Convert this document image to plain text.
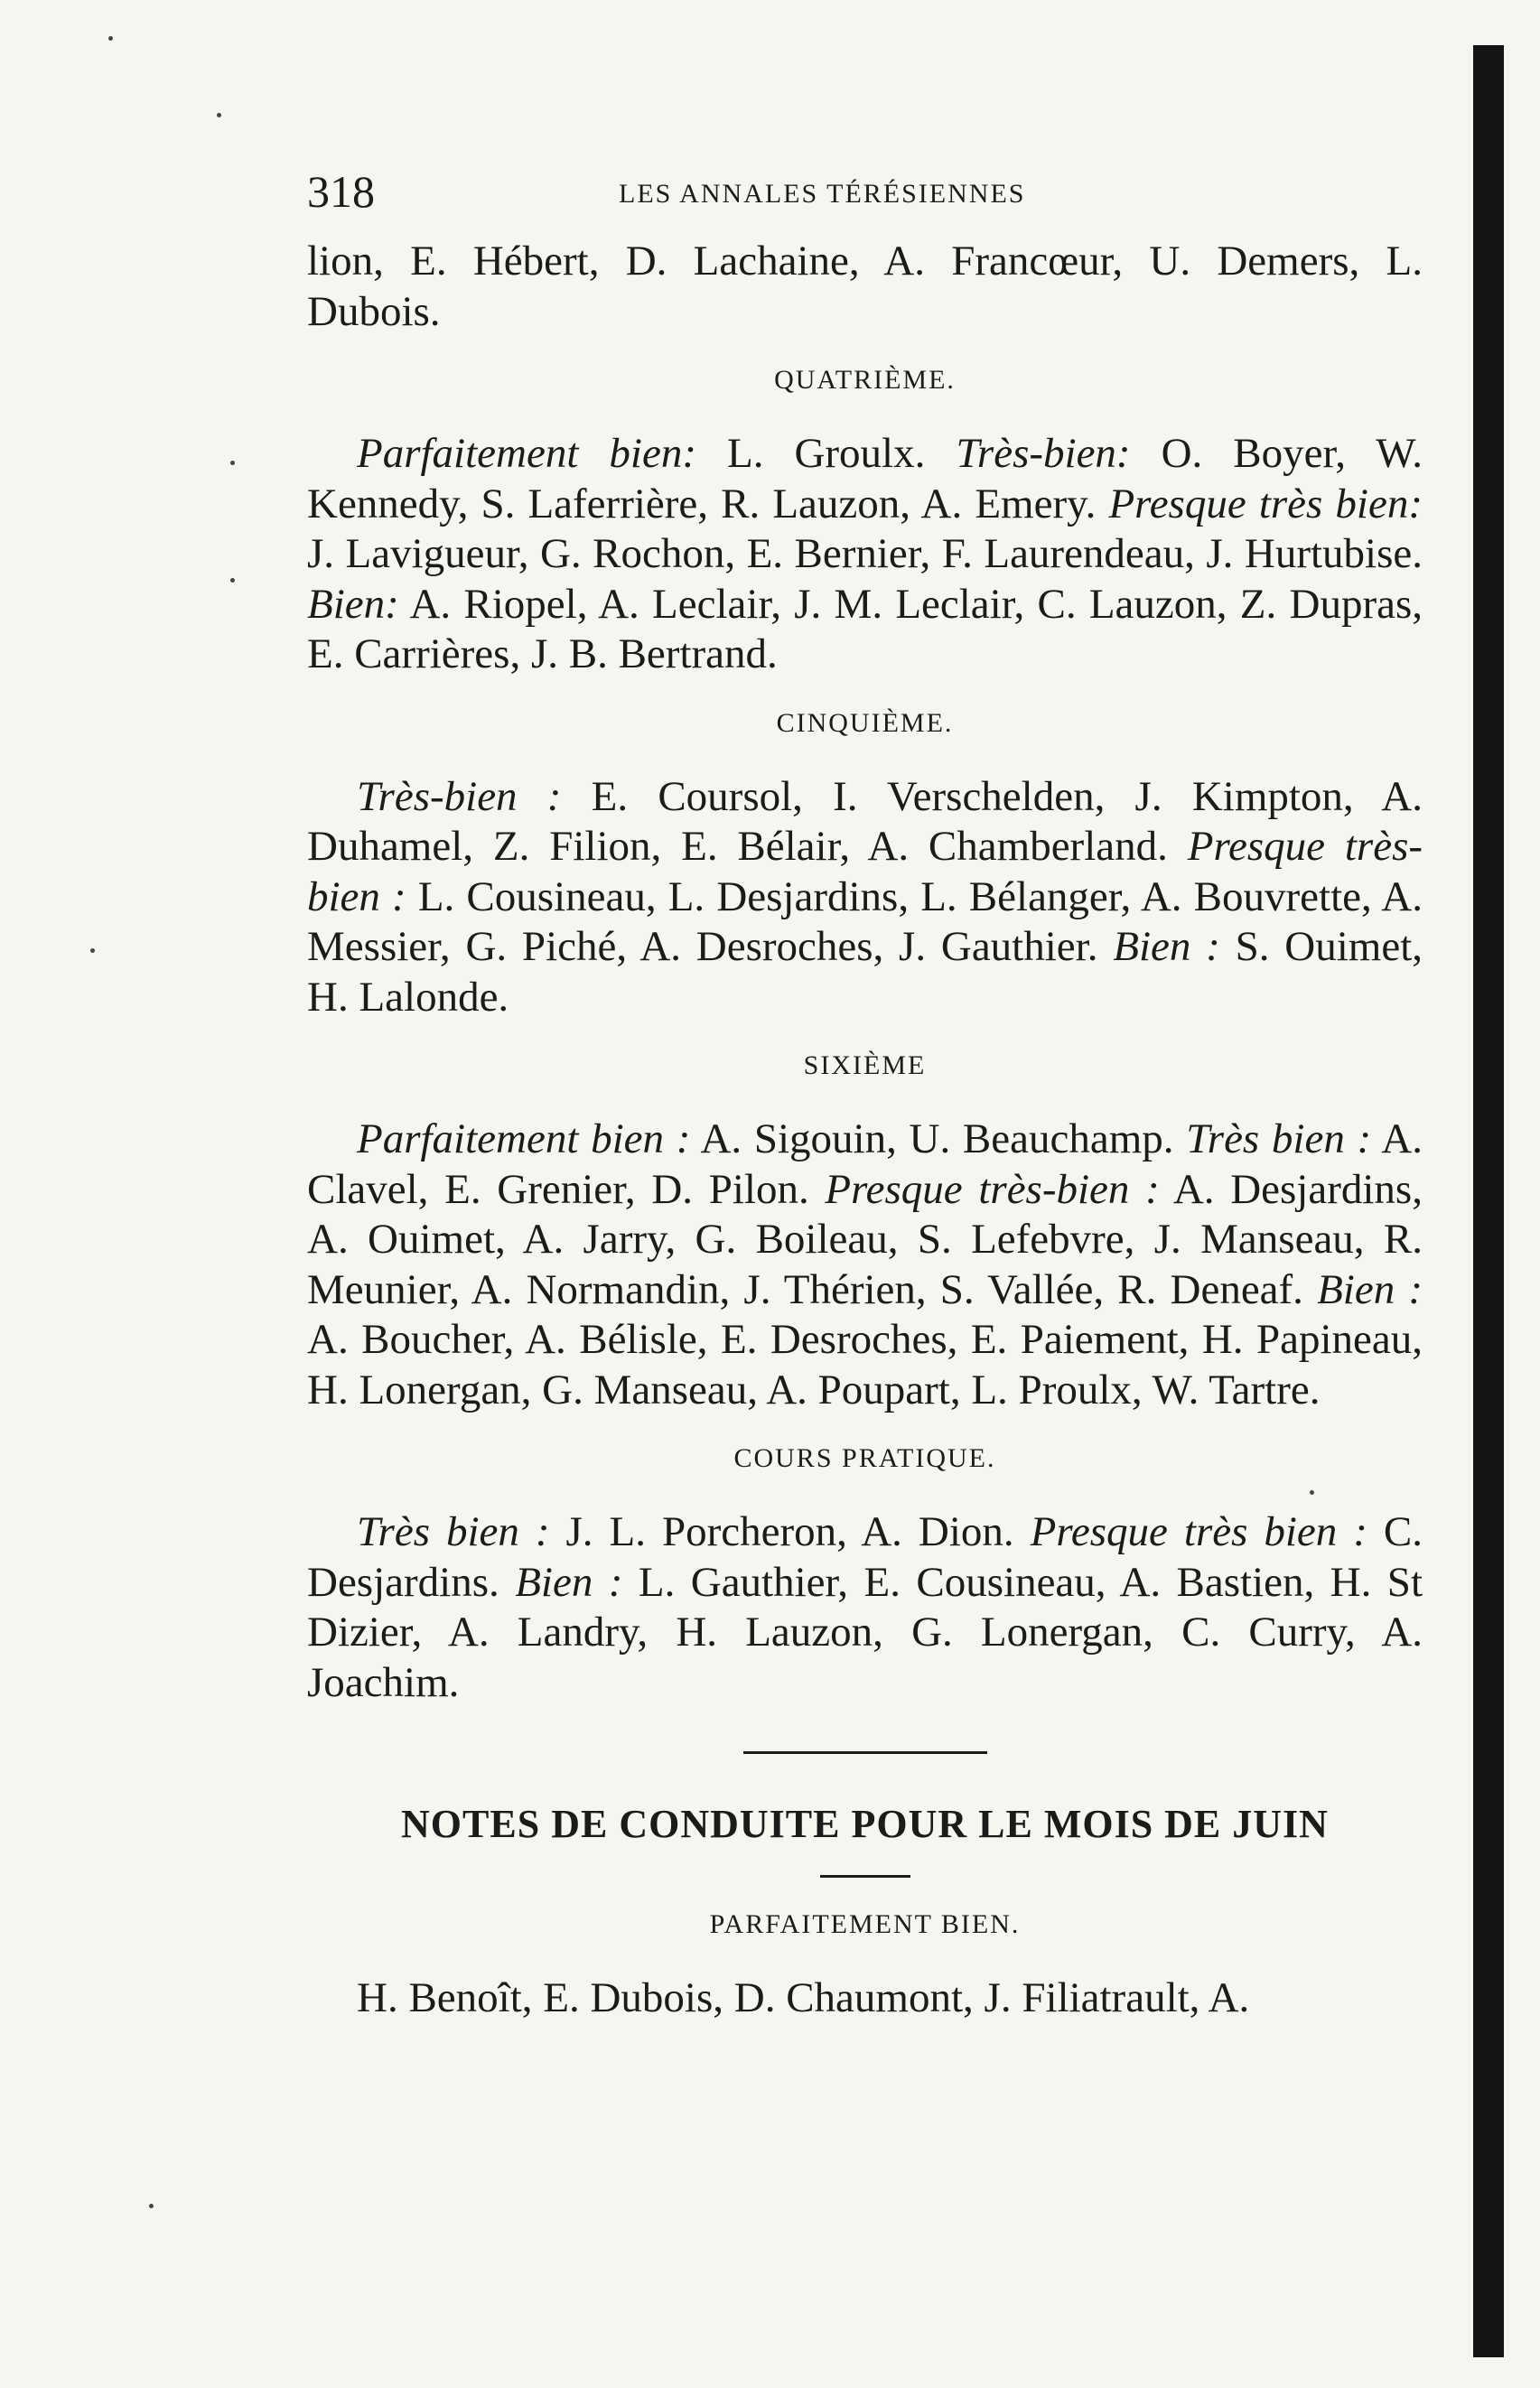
318	LES ANNALES TÉRÉSIENNES

lion, E. Hébert, D. Lachaine, A. Francœur, U. Demers, L. Dubois.

QUATRIÈME.

Parfaitement bien: L. Groulx. Très-bien: O. Boyer, W. Kennedy, S. Laferrière, R. Lauzon, A. Emery. Presque très bien: J. Lavigueur, G. Rochon, E. Bernier, F. Laurendeau, J. Hurtubise. Bien: A. Riopel, A. Leclair, J. M. Leclair, C. Lauzon, Z. Dupras, E. Carrières, J. B. Bertrand.

CINQUIÈME.

Très-bien : E. Coursol, I. Verschelden, J. Kimpton, A. Duhamel, Z. Filion, E. Bélair, A. Chamberland. Presque très-bien : L. Cousineau, L. Desjardins, L. Bélanger, A. Bouvrette, A. Messier, G. Piché, A. Desroches, J. Gauthier. Bien : S. Ouimet, H. Lalonde.

SIXIÈME

Parfaitement bien : A. Sigouin, U. Beauchamp. Très bien : A. Clavel, E. Grenier, D. Pilon. Presque très-bien : A. Desjardins, A. Ouimet, A. Jarry, G. Boileau, S. Lefebvre, J. Manseau, R. Meunier, A. Normandin, J. Thérien, S. Vallée, R. Deneaf. Bien : A. Boucher, A. Bélisle, E. Desroches, E. Paiement, H. Papineau, H. Lonergan, G. Manseau, A. Poupart, L. Proulx, W. Tartre.

COURS PRATIQUE.

Très bien : J. L. Porcheron, A. Dion. Presque très bien : C. Desjardins. Bien : L. Gauthier, E. Cousineau, A. Bastien, H. St Dizier, A. Landry, H. Lauzon, G. Lonergan, C. Curry, A. Joachim.

NOTES DE CONDUITE POUR LE MOIS DE JUIN
PARFAITEMENT BIEN.

H. Benoît, E. Dubois, D. Chaumont, J. Filiatrault, A.
